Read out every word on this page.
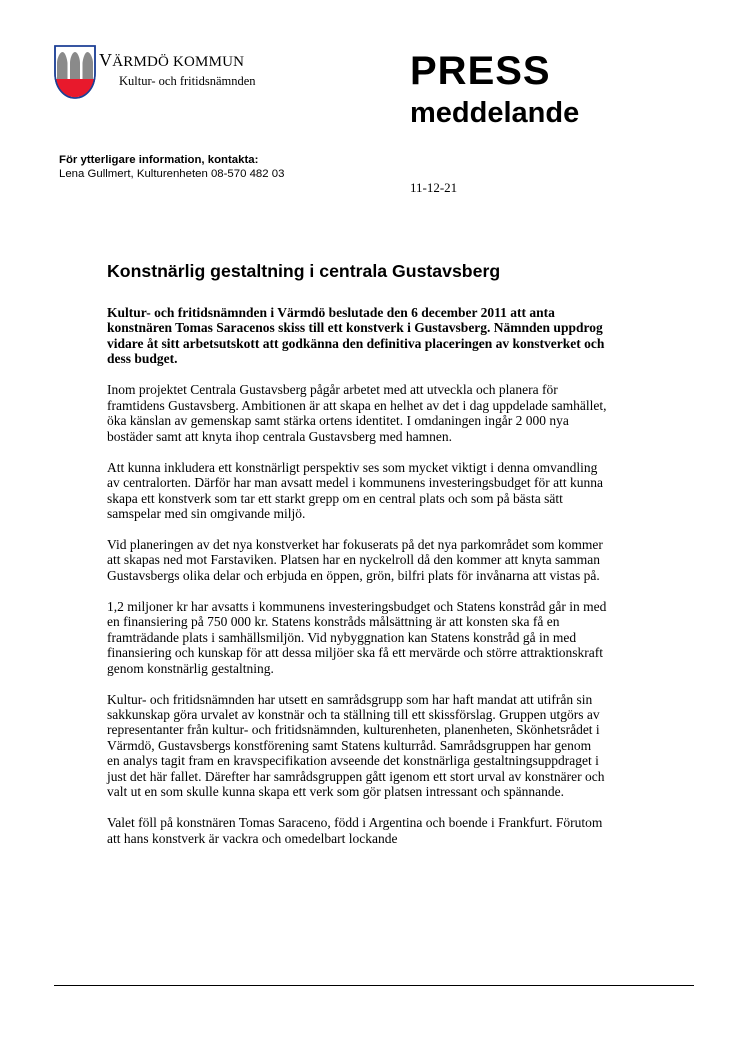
VÄRMDÖ KOMMUN
Kultur- och fritidsnämnden	PRESS
meddelande
För ytterligare information, kontakta:
Lena Gullmert, Kulturenheten 08-570 482 03
11-12-21
Konstnärlig gestaltning i centrala Gustavsberg

Kultur- och fritidsnämnden i Värmdö beslutade den 6 december 2011 att anta konstnären Tomas Saracenos skiss till ett konstverk i Gustavsberg. Nämnden uppdrog vidare åt sitt arbetsutskott att godkänna den definitiva placeringen av konstverket och dess budget.

Inom projektet Centrala Gustavsberg pågår arbetet med att utveckla och planera för framtidens Gustavsberg. Ambitionen är att skapa en helhet av det i dag uppdelade samhället, öka känslan av gemenskap samt stärka ortens identitet. I omdaningen ingår 2 000 nya bostäder samt att knyta ihop centrala Gustavsberg med hamnen.

Att kunna inkludera ett konstnärligt perspektiv ses som mycket viktigt i denna omvandling av centralorten. Därför har man avsatt medel i kommunens investeringsbudget för att kunna skapa ett konstverk som tar ett starkt grepp om en central plats och som på bästa sätt samspelar med sin omgivande miljö.

Vid planeringen av det nya konstverket har fokuserats på det nya parkområdet som kommer att skapas ned mot Farstaviken. Platsen har en nyckelroll då den kommer att knyta samman Gustavsbergs olika delar och erbjuda en öppen, grön, bilfri plats för invånarna att vistas på.

1,2 miljoner kr har avsatts i kommunens investeringsbudget och Statens konstråd går in med en finansiering på 750 000 kr. Statens konstråds målsättning är att konsten ska få en framträdande plats i samhällsmiljön. Vid nybyggnation kan Statens konstråd gå in med finansiering och kunskap för att dessa miljöer ska få ett mervärde och större attraktionskraft genom konstnärlig gestaltning.

Kultur- och fritidsnämnden har utsett en samrådsgrupp som har haft mandat att utifrån sin sakkunskap göra urvalet av konstnär och ta ställning till ett skissförslag. Gruppen utgörs av representanter från kultur- och fritidsnämnden, kulturenheten, planenheten, Skönhetsrådet i Värmdö, Gustavsbergs konstförening samt Statens kulturråd. Samrådsgruppen har genom en analys tagit fram en kravspecifikation avseende det konstnärliga gestaltningsuppdraget i just det här fallet. Därefter har samrådsgruppen gått igenom ett stort urval av konstnärer och valt ut en som skulle kunna skapa ett verk som gör platsen intressant och spännande.

Valet föll på konstnären Tomas Saraceno, född i Argentina och boende i Frankfurt. Förutom att hans konstverk är vackra och omedelbart lockande
